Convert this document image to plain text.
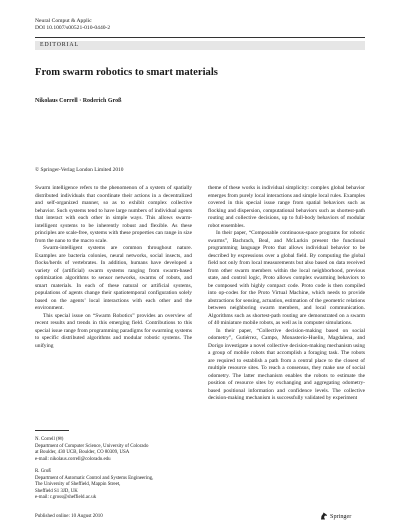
Neural Comput & Applic
DOI 10.1007/s00521-010-0440-2
EDITORIAL
From swarm robotics to smart materials
Nikolaus Correll · Roderich Groß
© Springer-Verlag London Limited 2010

Swarm intelligence refers to the phenomenon of a system of spatially distributed individuals that coordinate their actions in a decentralized and self-organized manner, so as to exhibit complex collective behavior. Such systems tend to have large numbers of individual agents that interact with each other in simple ways. This allows swarm-intelligent systems to be inherently robust and flexible. As these principles are scale-free, systems with these properties can range in size from the nano to the macro scale.

Swarm-intelligent systems are common throughout nature. Examples are bacteria colonies, neural networks, social insects, and flocks/herds of vertebrates. In addition, humans have developed a variety of (artificial) swarm systems ranging from swarm-based optimization algorithms to sensor networks, swarms of robots, and smart materials. In each of these natural or artificial systems, populations of agents change their spatiotemporal configuration solely based on the agents’ local interactions with each other and the environment.

This special issue on “Swarm Robotics” provides an overview of recent results and trends in this emerging field. Contributions to this special issue range from programming paradigms for swarming systems to specific distributed algorithms and modular robotic systems. The unifying

theme of these works is individual simplicity: complex global behavior emerges from purely local interactions and simple local rules. Examples covered in this special issue range from spatial behaviors such as flocking and dispersion, computational behaviors such as shortest-path routing and collective decisions, up to full-body behaviors of modular robot ensembles.

In their paper, “Composable continuous-space programs for robotic swarms”, Bachrach, Beal, and McLurkin present the functional programming language Proto that allows individual behavior to be described by expressions over a global field. By computing the global field not only from local measurements but also based on data received from other swarm members within the local neighborhood, previous state, and control logic, Proto allows complex swarming behaviors to be composed with highly compact code. Proto code is then compiled into op-codes for the Proto Virtual Machine, which needs to provide abstractions for sensing, actuation, estimation of the geometric relations between neighboring swarm members, and local communication. Algorithms such as shortest-path routing are demonstrated on a swarm of 40 miniature mobile robots, as well as in computer simulations.

In their paper, “Collective decision-making based on social odometry”, Gutiérrez, Campo, Monasterio-Huelin, Magdalena, and Dorigo investigate a novel collective decision-making mechanism using a group of mobile robots that accomplish a foraging task. The robots are required to establish a path from a central place to the closest of multiple resource sites. To reach a consensus, they make use of social odometry. The latter mechanism enables the robots to estimate the position of resource sites by exchanging and aggregating odometry-based positional information and confidence levels. The collective decision-making mechanism is successfully validated by experiment

N. Correll (✉)
Department of Computer Science, University of Colorado
at Boulder, 430 UCB, Boulder, CO 80309, USA
e-mail: nikolaus.correll@colorado.edu
R. Groß
Department of Automatic Control and Systems Engineering,
The University of Sheffield, Mappin Street,
Sheffield S1 3JD, UK
e-mail: r.gross@sheffield.ac.uk
Published online: 10 August 2010	Springer
